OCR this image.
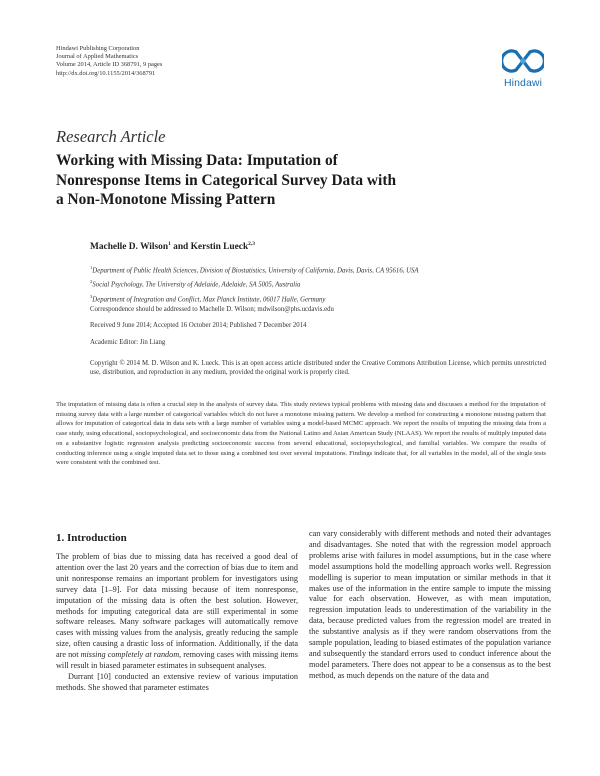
Hindawi Publishing Corporation
Journal of Applied Mathematics
Volume 2014, Article ID 368791, 9 pages
http://dx.doi.org/10.1155/2014/368791
Hindawi
Research Article
Working with Missing Data: Imputation of
Nonresponse Items in Categorical Survey Data with
a Non-Monotone Missing Pattern
Machelle D. Wilson$^1$ and Kerstin Lueck$^{2,3}$
$^1$Department of Public Health Sciences, Division of Biostatistics, University of California, Davis, Davis, CA 95616, USA
$^2$Social Psychology, The University of Adelaide, Adelaide, SA 5005, Australia
$^3$Department of Integration and Conflict, Max Planck Institute, 06017 Halle, Germany
Correspondence should be addressed to Machelle D. Wilson; mdwilson@phs.ucdavis.edu
Received 9 June 2014; Accepted 16 October 2014; Published 7 December 2014
Academic Editor: Jin Liang
Copyright © 2014 M. D. Wilson and K. Lueck. This is an open access article distributed under the Creative Commons Attribution License, which permits unrestricted use, distribution, and reproduction in any medium, provided the original work is properly cited.
The imputation of missing data is often a crucial step in the analysis of survey data. This study reviews typical problems with missing data and discusses a method for the imputation of missing survey data with a large number of categorical variables which do not have a monotone missing pattern. We develop a method for constructing a monotone missing pattern that allows for imputation of categorical data in data sets with a large number of variables using a model-based MCMC approach. We report the results of imputing the missing data from a case study, using educational, sociopsychological, and socioeconomic data from the National Latino and Asian American Study (NLAAS). We report the results of multiply imputed data on a substantive logistic regression analysis predicting socioeconomic success from several educational, sociopsychological, and familial variables. We compare the results of conducting inference using a single imputed data set to those using a combined test over several imputations. Findings indicate that, for all variables in the model, all of the single tests were consistent with the combined test.
1. Introduction
The problem of bias due to missing data has received a good deal of attention over the last 20 years and the correction of bias due to item and unit nonresponse remains an important problem for investigators using survey data [1–9]. For data missing because of item nonresponse, imputation of the missing data is often the best solution. However, methods for imputing categorical data are still experimental in some software releases. Many software packages will automatically remove cases with missing values from the analysis, greatly reducing the sample size, often causing a drastic loss of information. Additionally, if the data are not missing completely at random, removing cases with missing items will result in biased parameter estimates in subsequent analyses.
Durrant [10] conducted an extensive review of various imputation methods. She showed that parameter estimates
can vary considerably with different methods and noted their advantages and disadvantages. She noted that with the regression model approach problems arise with failures in model assumptions, but in the case where model assumptions hold the modelling approach works well. Regression modelling is superior to mean imputation or similar methods in that it makes use of the information in the entire sample to impute the missing value for each observation. However, as with mean imputation, regression imputation leads to underestimation of the variability in the data, because predicted values from the regression model are treated in the substantive analysis as if they were random observations from the sample population, leading to biased estimates of the population variance and subsequently the standard errors used to conduct inference about the model parameters. There does not appear to be a consensus as to the best method, as much depends on the nature of the data and
